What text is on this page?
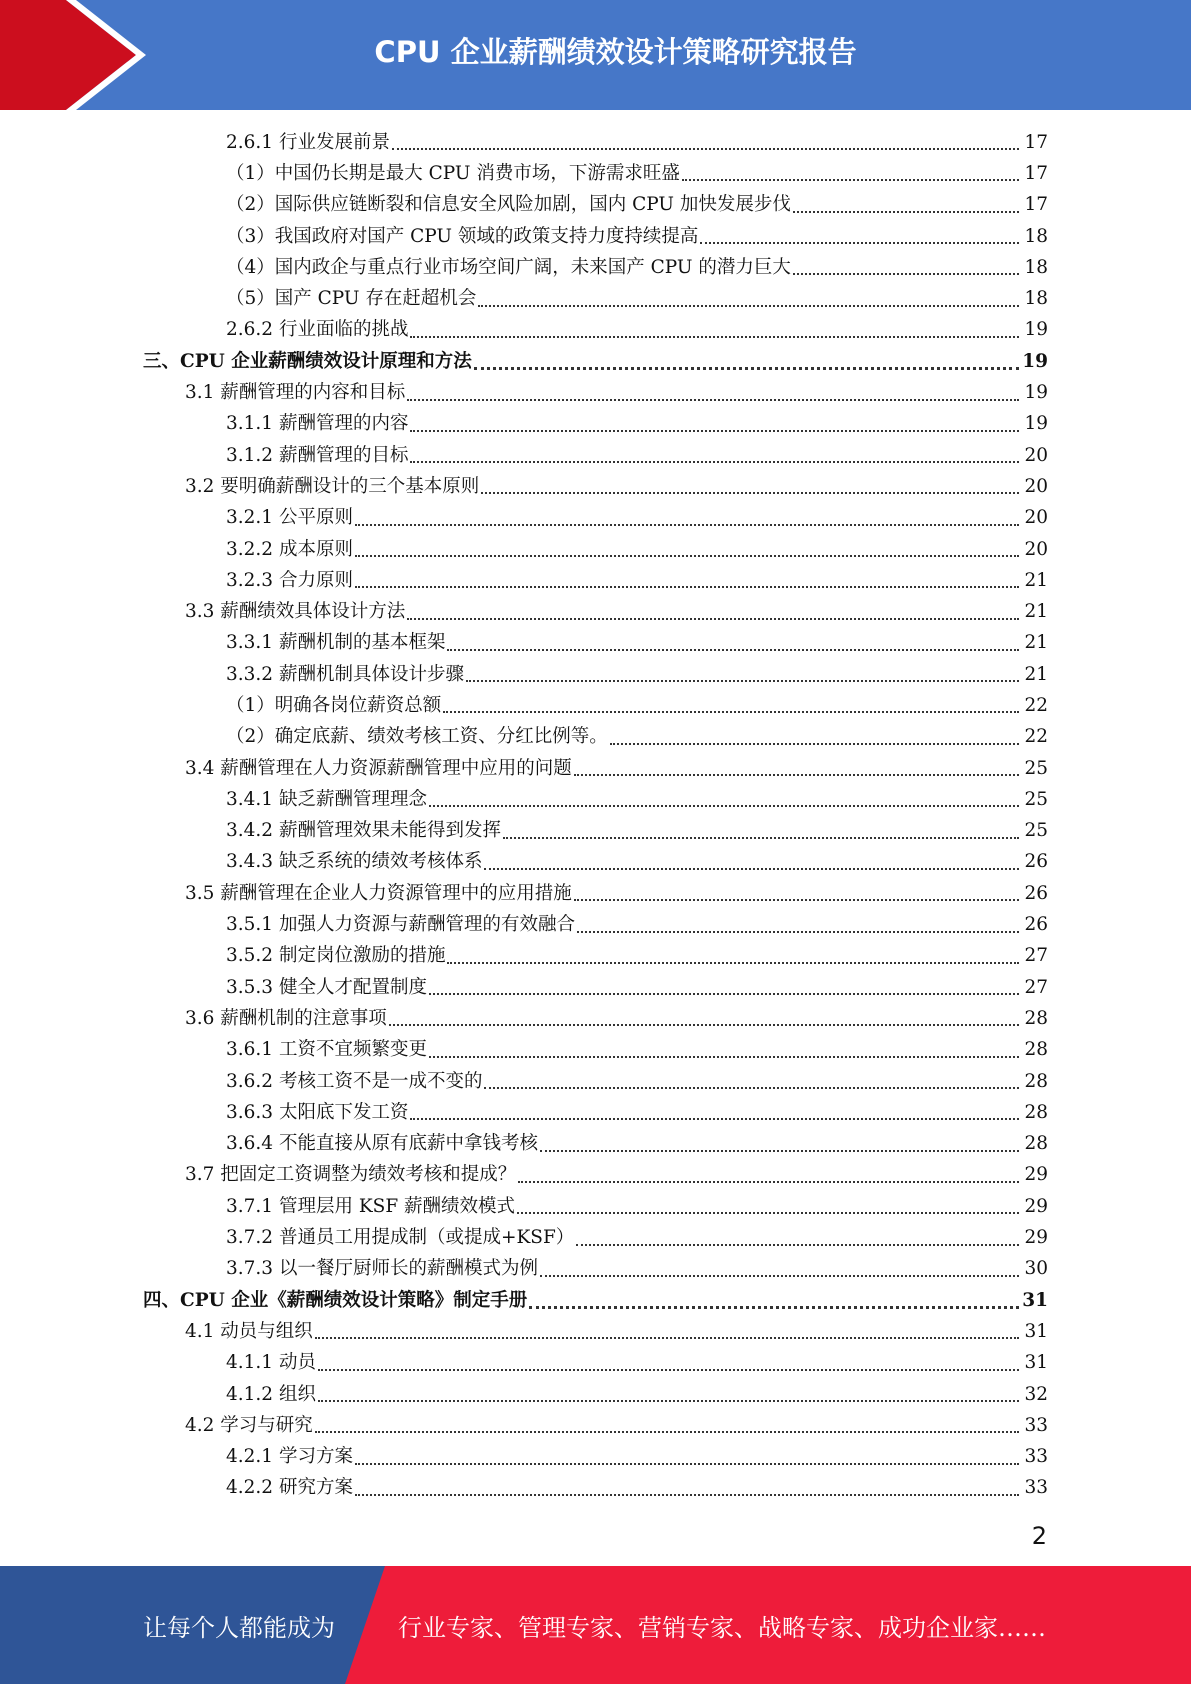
CPU 企业薪酬绩效设计策略研究报告
2.6.1 行业发展前景	17
（1）中国仍长期是最大 CPU 消费市场，下游需求旺盛	17
（2）国际供应链断裂和信息安全风险加剧，国内 CPU 加快发展步伐	17
（3）我国政府对国产 CPU 领域的政策支持力度持续提高	18
（4）国内政企与重点行业市场空间广阔，未来国产 CPU 的潜力巨大	18
（5）国产 CPU 存在赶超机会	18
2.6.2 行业面临的挑战	19
三、CPU 企业薪酬绩效设计原理和方法	19
3.1 薪酬管理的内容和目标	19
3.1.1 薪酬管理的内容	19
3.1.2 薪酬管理的目标	20
3.2 要明确薪酬设计的三个基本原则	20
3.2.1 公平原则	20
3.2.2 成本原则	20
3.2.3 合力原则	21
3.3 薪酬绩效具体设计方法	21
3.3.1 薪酬机制的基本框架	21
3.3.2 薪酬机制具体设计步骤	21
（1）明确各岗位薪资总额	22
（2）确定底薪、绩效考核工资、分红比例等。	22
3.4 薪酬管理在人力资源薪酬管理中应用的问题	25
3.4.1 缺乏薪酬管理理念	25
3.4.2 薪酬管理效果未能得到发挥	25
3.4.3 缺乏系统的绩效考核体系	26
3.5 薪酬管理在企业人力资源管理中的应用措施	26
3.5.1 加强人力资源与薪酬管理的有效融合	26
3.5.2 制定岗位激励的措施	27
3.5.3 健全人才配置制度	27
3.6 薪酬机制的注意事项	28
3.6.1 工资不宜频繁变更	28
3.6.2 考核工资不是一成不变的	28
3.6.3 太阳底下发工资	28
3.6.4 不能直接从原有底薪中拿钱考核	28
3.7 把固定工资调整为绩效考核和提成？	29
3.7.1 管理层用 KSF 薪酬绩效模式	29
3.7.2 普通员工用提成制（或提成+KSF）	29
3.7.3 以一餐厅厨师长的薪酬模式为例	30
四、CPU 企业《薪酬绩效设计策略》制定手册	31
4.1 动员与组织	31
4.1.1 动员	31
4.1.2 组织	32
4.2 学习与研究	33
4.2.1 学习方案	33
4.2.2 研究方案	33
2
让每个人都能成为	行业专家、管理专家、营销专家、战略专家、成功企业家……
